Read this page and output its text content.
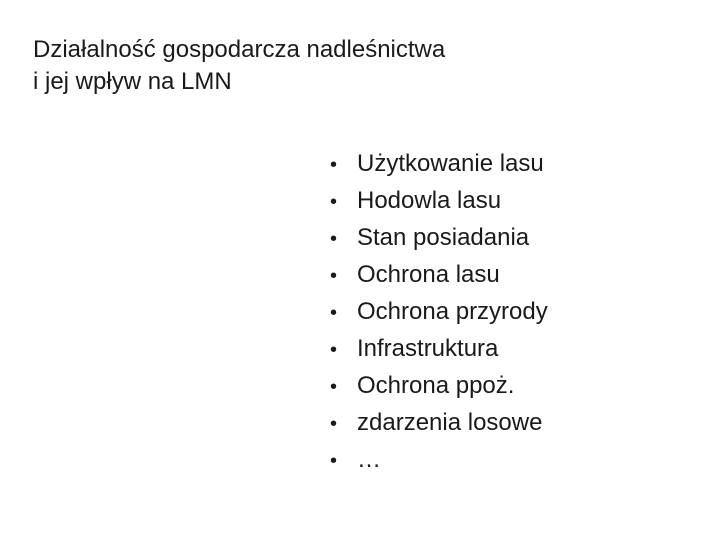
Działalność gospodarcza nadleśnictwa
i jej wpływ na LMN
• Użytkowanie lasu
• Hodowla lasu
• Stan posiadania
• Ochrona lasu
• Ochrona przyrody
• Infrastruktura
• Ochrona ppoż.
• zdarzenia losowe
• …
